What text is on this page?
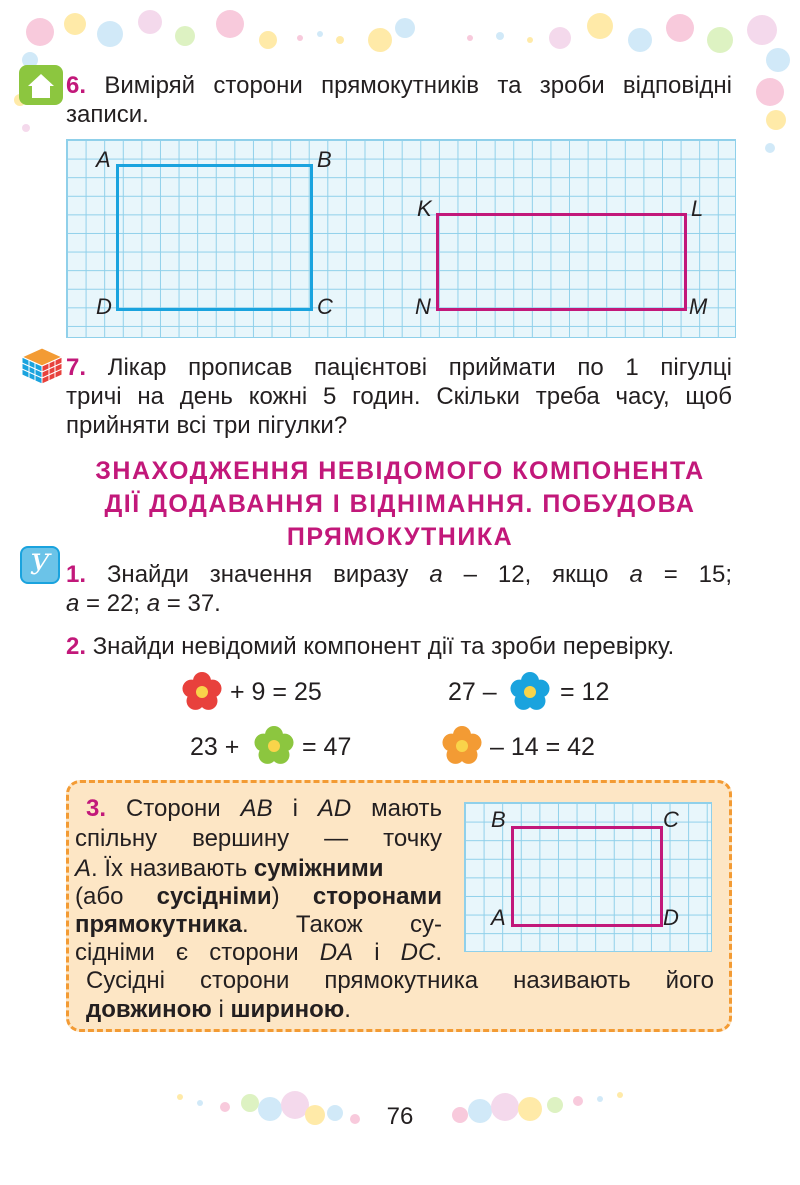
6. Виміряй сторони прямокутників та зроби відповідні
записи.
A	B
D	C
K	L
N	M
7. Лікар прописав пацієнтові приймати по 1 пігулці
тричі на день кожні 5 годин. Скільки треба часу, щоб
прийняти всі три пігулки?
ЗНАХОДЖЕННЯ НЕВІДОМОГО КОМПОНЕНТА
ДІЇ ДОДАВАННЯ І ВІДНІМАННЯ. ПОБУДОВА
ПРЯМОКУТНИКА
У 1. Знайди значення виразу а – 12, якщо а = 15;
а = 22; а = 37.
2. Знайди невідомий компонент дії та зроби перевірку.
+ 9 = 25	27 –	= 12
23 +	= 47	– 14 = 42
3. Сторони AB і AD мають
спільну вершину — точку
A. Їх називають суміжними
(або сусідніми) сторонами
прямокутника. Також су-
сідніми є сторони DA і DC.
Сусідні сторони прямокутника називають його
довжиною і шириною.
B	C
A	D
76
